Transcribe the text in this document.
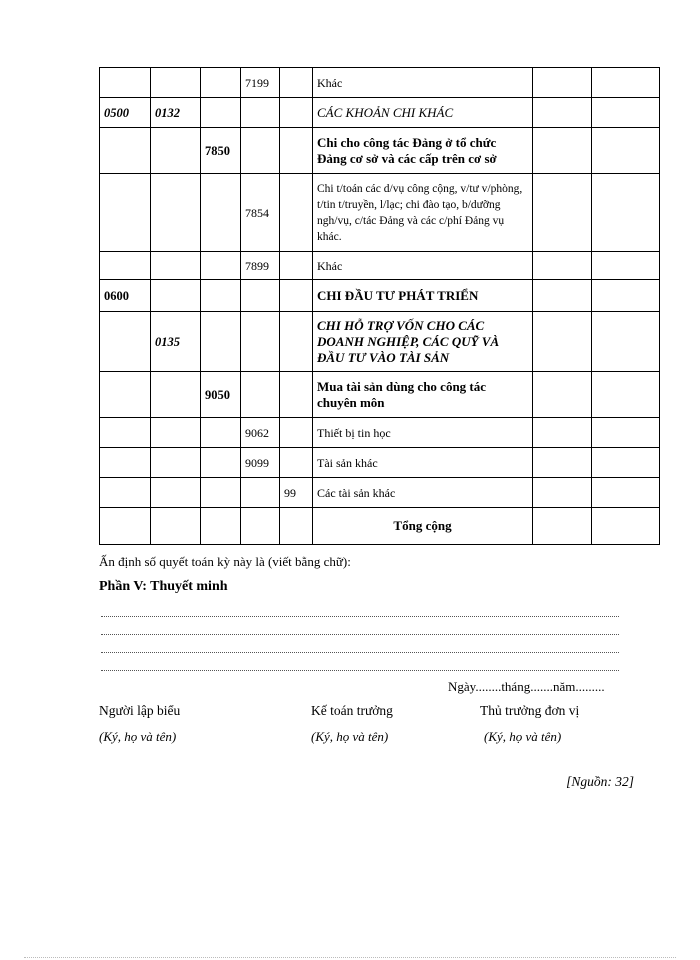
			7199		Khác		
0500	0132				CÁC KHOẢN CHI KHÁC		
		7850			Chi cho công tác Đảng ở tổ chức Đảng cơ sở và các cấp trên cơ sở		
			7854		Chi t/toán các d/vụ công cộng, v/tư v/phòng, t/tin t/truyền, l/lạc; chi đào tạo, b/dưỡng ngh/vụ, c/tác Đảng và các c/phí Đảng vụ khác.		
			7899		Khác		
0600					CHI ĐẦU TƯ PHÁT TRIỂN		
	0135				CHI HỖ TRỢ VỐN CHO CÁC DOANH NGHIỆP, CÁC QUỸ VÀ ĐẦU TƯ VÀO TÀI SẢN		
		9050			Mua tài sản dùng cho công tác chuyên môn		
			9062		Thiết bị tin học		
			9099		Tài sản khác		
				99	Các tài sản khác		
					Tổng cộng		
Ấn định số quyết toán kỳ này là (viết bằng chữ):
Phần V: Thuyết minh
Ngày........tháng.......năm.........
Người lập biểu	Kế toán trưởng	Thủ trưởng đơn vị
(Ký, họ và tên)	(Ký, họ và tên)	(Ký, họ và tên)
[Nguồn: 32]
